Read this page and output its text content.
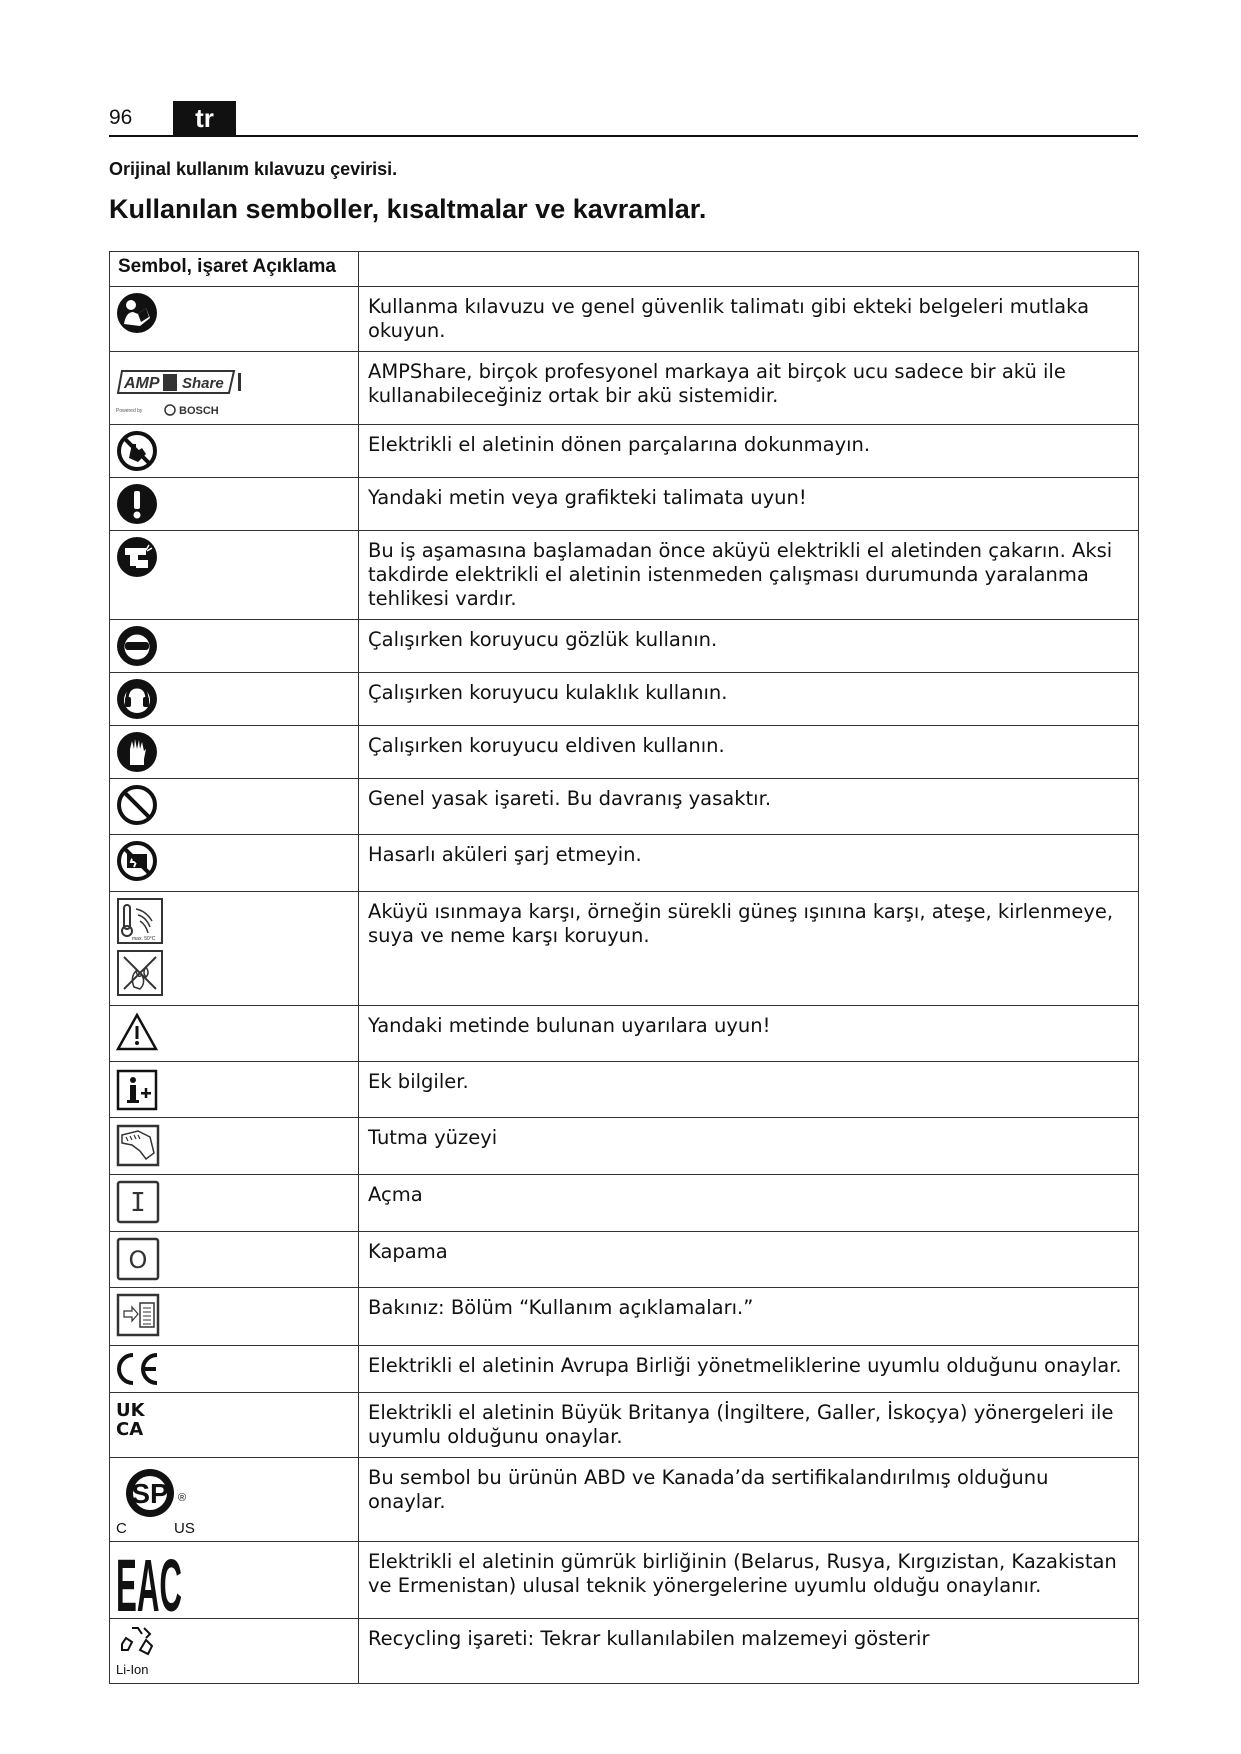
96	tr
Orijinal kullanım kılavuzu çevirisi.
Kullanılan semboller, kısaltmalar ve kavramlar.
Sembol, işaret Açıklama	

	Kullanma kılavuzu ve genel güvenlik talimatı gibi ekteki belgeleri mutlaka okuyun.

AMP Share
Powered by BOSCH	AMPShare, birçok profesyonel markaya ait birçok ucu sadece bir akü ile kullanabileceğiniz ortak bir akü sistemidir.

	Elektrikli el aletinin dönen parçalarına dokunmayın.

	Yandaki metin veya grafikteki talimata uyun!

	Bu iş aşamasına başlamadan önce aküyü elektrikli el aletinden çakarın. Aksi takdirde elektrikli el aletinin istenmeden çalışması durumunda yaralanma tehlikesi vardır.

	Çalışırken koruyucu gözlük kullanın.

	Çalışırken koruyucu kulaklık kullanın.

	Çalışırken koruyucu eldiven kullanın.

	Genel yasak işareti. Bu davranış yasaktır.

	Hasarlı aküleri şarj etmeyin.

max. 50°C	Aküyü ısınmaya karşı, örneğin sürekli güneş ışınına karşı, ateşe, kirlenmeye, suya ve neme karşı koruyun.

	Yandaki metinde bulunan uyarılara uyun!

	Ek bilgiler.

	Tutma yüzeyi

I	Açma

O	Kapama

	Bakınız: Bölüm “Kullanım açıklamaları.”

	Elektrikli el aletinin Avrupa Birliği yönetmeliklerine uyumlu olduğunu onaylar.

UK
CA	Elektrikli el aletinin Büyük Britanya (İngiltere, Galler, İskoçya) yönergeleri ile uyumlu olduğunu onaylar.

SP ®
C US	Bu sembol bu ürünün ABD ve Kanada’da sertifikalandırılmış olduğunu onaylar.

EAC	Elektrikli el aletinin gümrük birliğinin (Belarus, Rusya, Kırgızistan, Kazakistan ve Ermenistan) ulusal teknik yönergelerine uyumlu olduğu onaylanır.

Li-Ion	Recycling işareti: Tekrar kullanılabilen malzemeyi gösterir
